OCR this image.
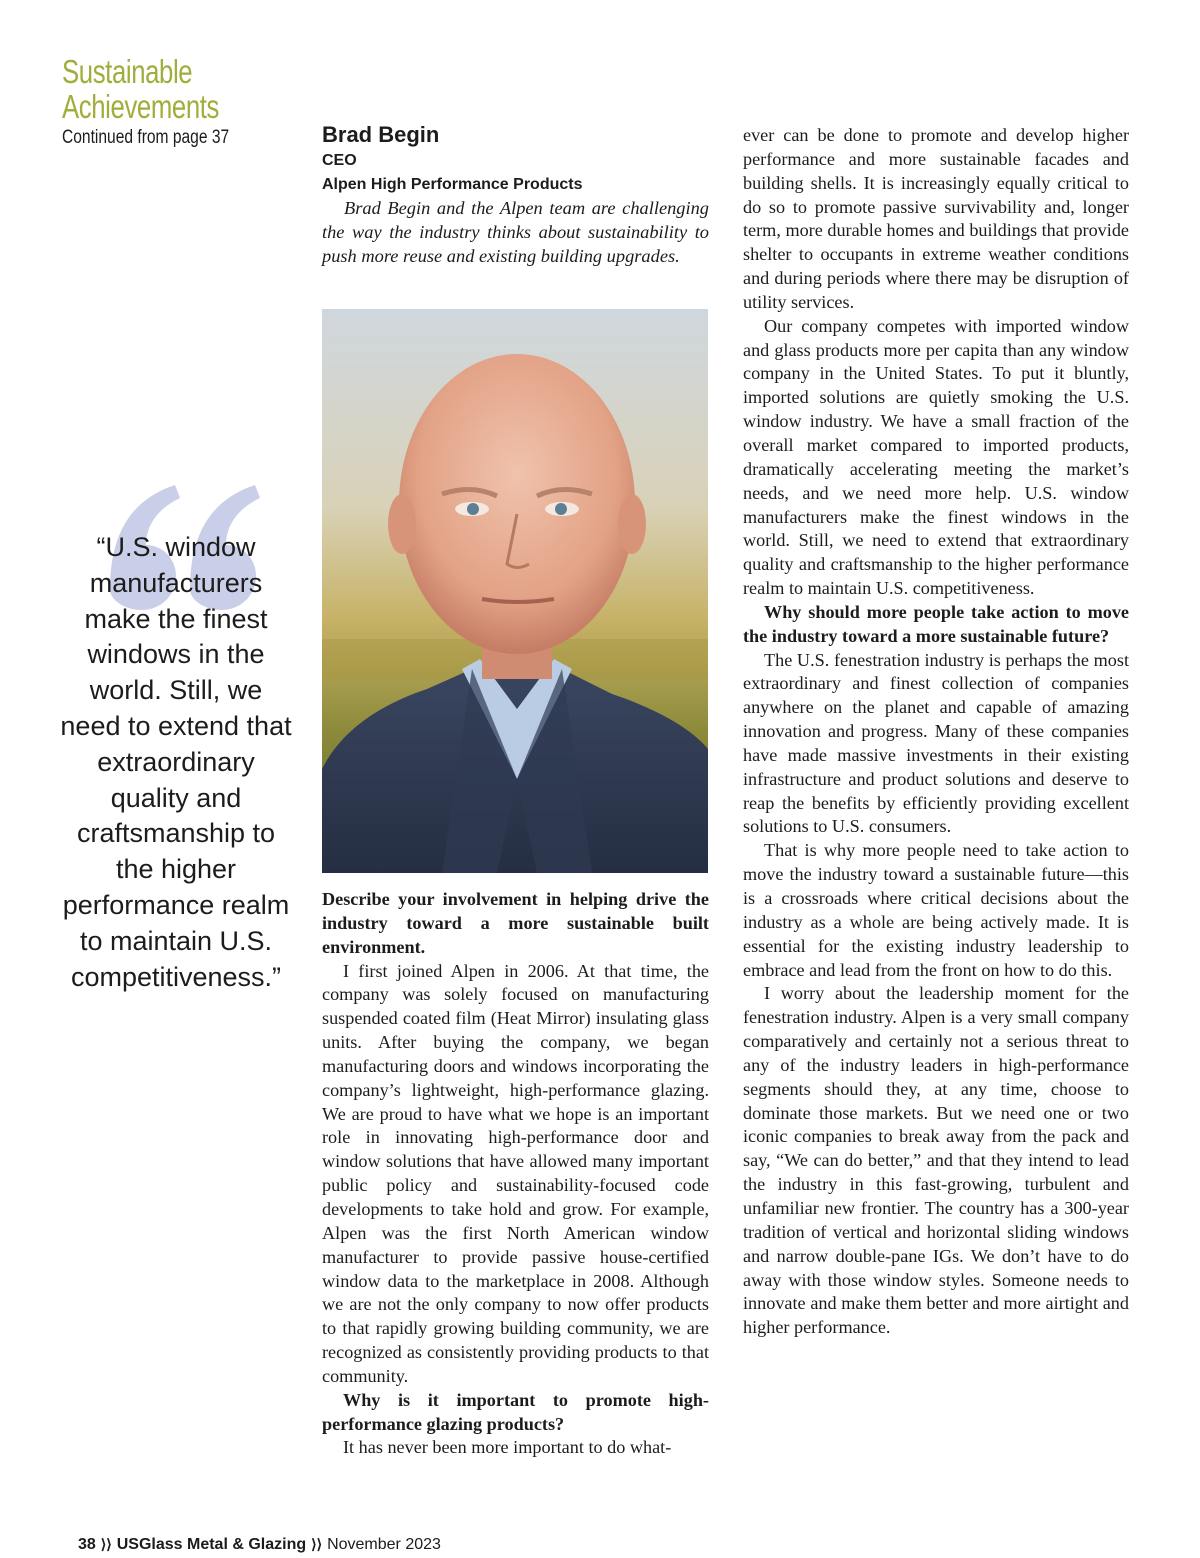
Sustainable
Achievements
Continued from page 37
“U.S. window manufacturers make the finest windows in the world. Still, we need to extend that extraordinary quality and craftsmanship to the higher performance realm to maintain U.S. competitiveness.”
Brad Begin
CEO
Alpen High Performance Products

Brad Begin and the Alpen team are challenging the way the industry thinks about sustainability to push more reuse and existing building upgrades.

Describe your involvement in helping drive the industry toward a more sustainable built environment.

I first joined Alpen in 2006. At that time, the company was solely focused on manufacturing suspended coated film (Heat Mirror) insulating glass units. After buying the company, we began manufacturing doors and windows incorporating the company’s lightweight, high-performance glazing. We are proud to have what we hope is an important role in innovating high-performance door and window solutions that have allowed many important public policy and sustainability-focused code developments to take hold and grow. For example, Alpen was the first North American window manufacturer to provide passive house-certified window data to the marketplace in 2008. Although we are not the only company to now offer products to that rapidly growing building community, we are recognized as consistently providing products to that community.

Why is it important to promote high-performance glazing products?

It has never been more important to do what-

ever can be done to promote and develop higher performance and more sustainable facades and building shells. It is increasingly equally critical to do so to promote passive survivability and, longer term, more durable homes and buildings that provide shelter to occupants in extreme weather conditions and during periods where there may be disruption of utility services.

Our company competes with imported window and glass products more per capita than any window company in the United States. To put it bluntly, imported solutions are quietly smoking the U.S. window industry. We have a small fraction of the overall market compared to imported products, dramatically accelerating meeting the market’s needs, and we need more help. U.S. window manufacturers make the finest windows in the world. Still, we need to extend that extraordinary quality and craftsmanship to the higher performance realm to maintain U.S. competitiveness.

Why should more people take action to move the industry toward a more sustainable future?

The U.S. fenestration industry is perhaps the most extraordinary and finest collection of companies anywhere on the planet and capable of amazing innovation and progress. Many of these companies have made massive investments in their existing infrastructure and product solutions and deserve to reap the benefits by efficiently providing excellent solutions to U.S. consumers.

That is why more people need to take action to move the industry toward a sustainable future—this is a crossroads where critical decisions about the industry as a whole are being actively made. It is essential for the existing industry leadership to embrace and lead from the front on how to do this.

I worry about the leadership moment for the fenestration industry. Alpen is a very small company comparatively and certainly not a serious threat to any of the industry leaders in high-performance segments should they, at any time, choose to dominate those markets. But we need one or two iconic companies to break away from the pack and say, “We can do better,” and that they intend to lead the industry in this fast-growing, turbulent and unfamiliar new frontier. The country has a 300-year tradition of vertical and horizontal sliding windows and narrow double-pane IGs. We don’t have to do away with those window styles. Someone needs to innovate and make them better and more airtight and higher performance.

38 ⟩⟩ USGlass Metal & Glazing ⟩⟩ November 2023
